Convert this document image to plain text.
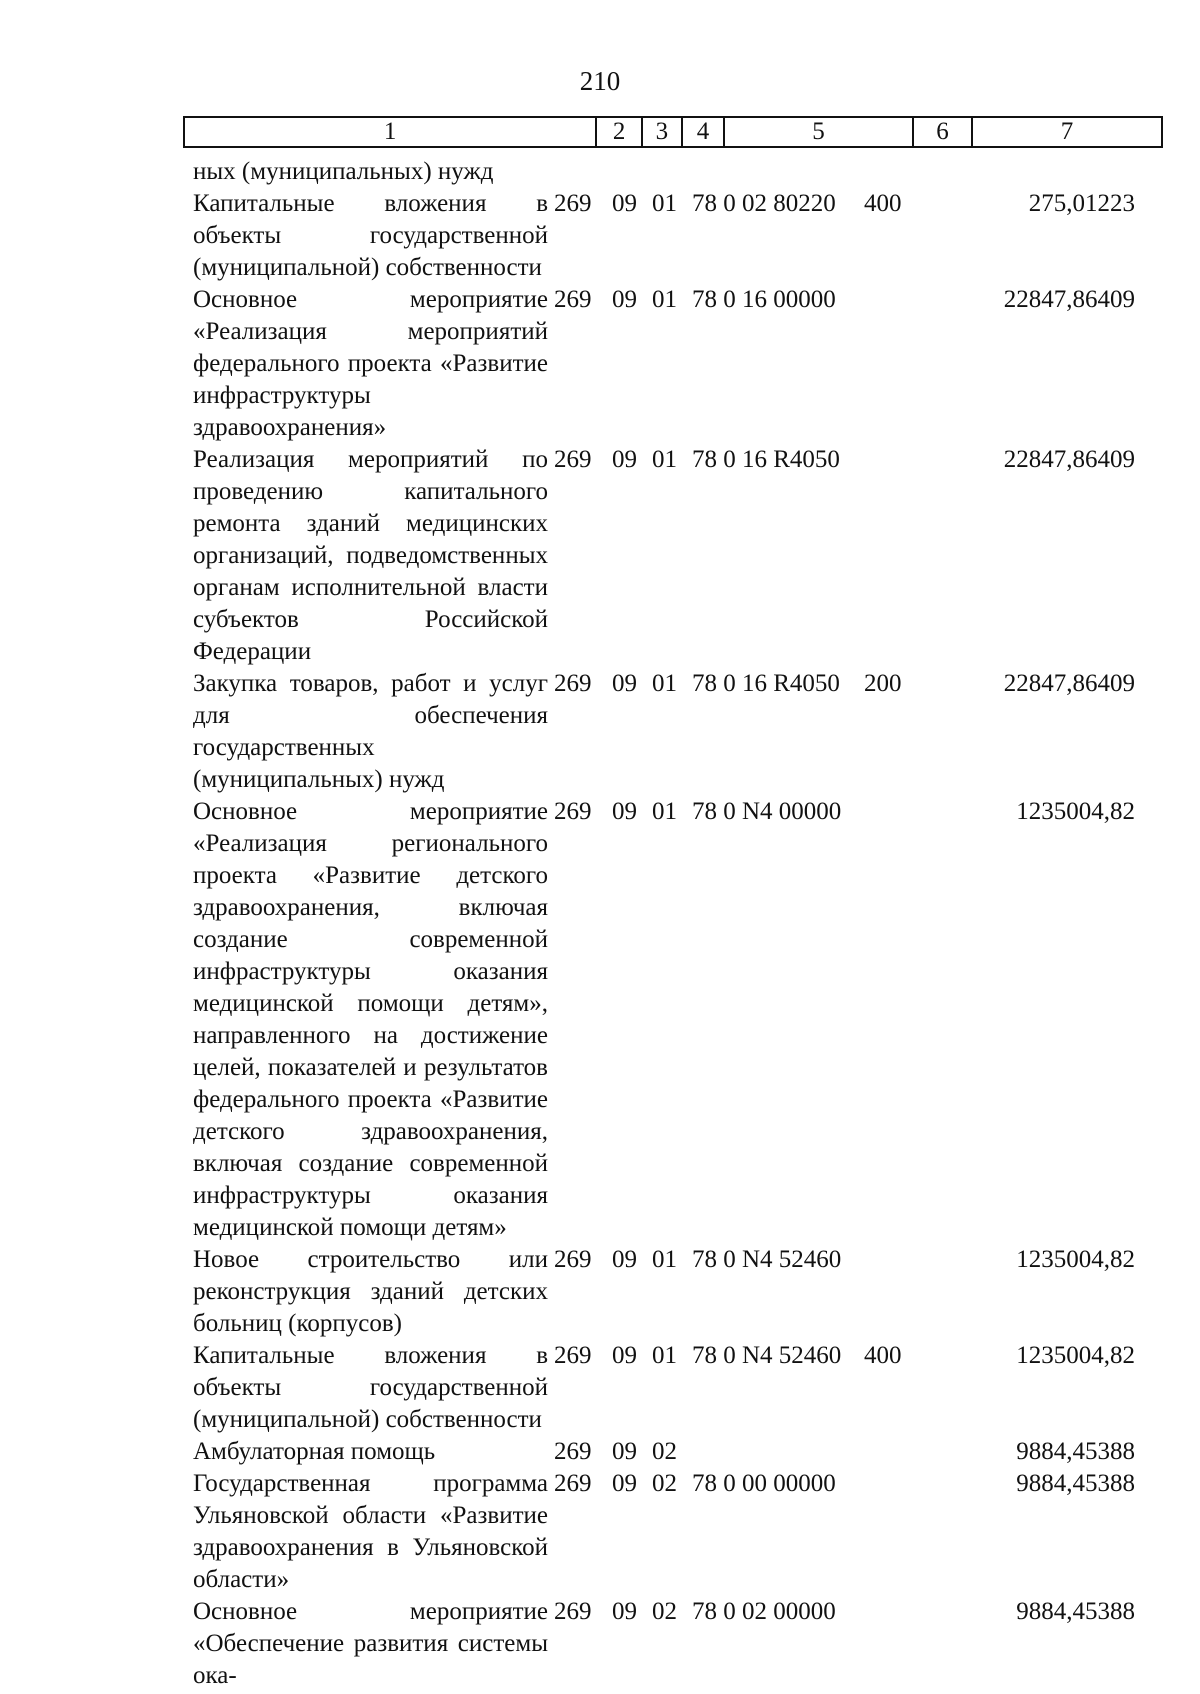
210
1	2	3	4	5	6	7
ных (муниципальных) нужд						
Капитальные вложения в объекты государственной (муниципальной) собственности	269	09	01	78 0 02 80220	400	275,01223
Основное мероприятие «Реализация мероприятий федерального проекта «Развитие инфраструктуры здравоохранения»	269	09	01	78 0 16 00000		22847,86409
Реализация мероприятий по проведению капитального ремонта зданий медицинских организаций, подведомственных органам исполнительной власти субъектов Российской Федерации	269	09	01	78 0 16 R4050		22847,86409
Закупка товаров, работ и услуг для обеспечения государственных (муниципальных) нужд	269	09	01	78 0 16 R4050	200	22847,86409
Основное мероприятие «Реализация регионального проекта «Развитие детского здравоохранения, включая создание современной инфраструктуры оказания медицинской помощи детям», направленного на достижение целей, показателей и результатов федерального проекта «Развитие детского здравоохранения, включая создание современной инфраструктуры оказания медицинской помощи детям»	269	09	01	78 0 N4 00000		1235004,82
Новое строительство или реконструкция зданий детских больниц (корпусов)	269	09	01	78 0 N4 52460		1235004,82
Капитальные вложения в объекты государственной (муниципальной) собственности	269	09	01	78 0 N4 52460	400	1235004,82
Амбулаторная помощь	269	09	02			9884,45388
Государственная программа Ульяновской области «Развитие здравоохранения в Ульяновской области»	269	09	02	78 0 00 00000		9884,45388
Основное мероприятие «Обеспечение развития системы ока-	269	09	02	78 0 02 00000		9884,45388
